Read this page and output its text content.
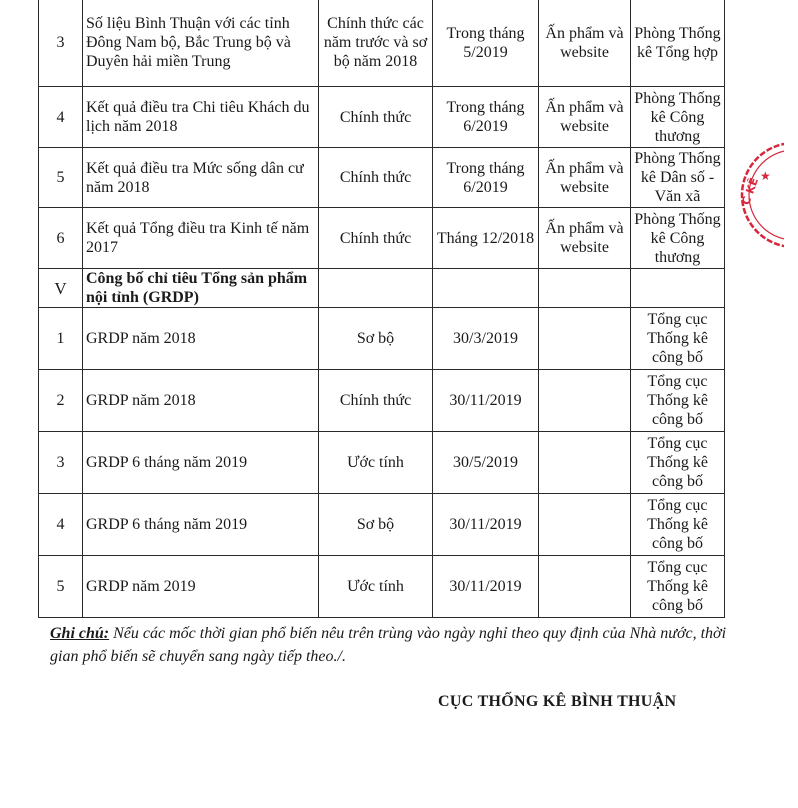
3	Số liệu Bình Thuận với các tỉnh Đông Nam bộ, Bắc Trung bộ và Duyên hải miền Trung	Chính thức các năm trước và sơ bộ năm 2018	Trong tháng 5/2019	Ấn phẩm và website	Phòng Thống kê Tổng hợp
4	Kết quả điều tra Chi tiêu Khách du lịch năm 2018	Chính thức	Trong tháng 6/2019	Ấn phẩm và website	Phòng Thống kê Công thương
5	Kết quả điều tra Mức sống dân cư năm 2018	Chính thức	Trong tháng 6/2019	Ấn phẩm và website	Phòng Thống kê Dân số - Văn xã
6	Kết quả Tổng điều tra Kinh tế năm 2017	Chính thức	Tháng 12/2018	Ấn phẩm và website	Phòng Thống kê Công thương
V	Công bố chỉ tiêu Tổng sản phẩm nội tỉnh (GRDP)				
1	GRDP năm 2018	Sơ bộ	30/3/2019		Tổng cục Thống kê công bố
2	GRDP năm 2018	Chính thức	30/11/2019		Tổng cục Thống kê công bố
3	GRDP 6 tháng năm 2019	Ước tính	30/5/2019		Tổng cục Thống kê công bố
4	GRDP 6 tháng năm 2019	Sơ bộ	30/11/2019		Tổng cục Thống kê công bố
5	GRDP năm 2019	Ước tính	30/11/2019		Tổng cục Thống kê công bố
★
C KÊ
Ghi chú: Nếu các mốc thời gian phổ biến nêu trên trùng vào ngày nghỉ theo quy định của Nhà nước, thời gian phổ biến sẽ chuyển sang ngày tiếp theo./.
CỤC THỐNG KÊ BÌNH THUẬN
